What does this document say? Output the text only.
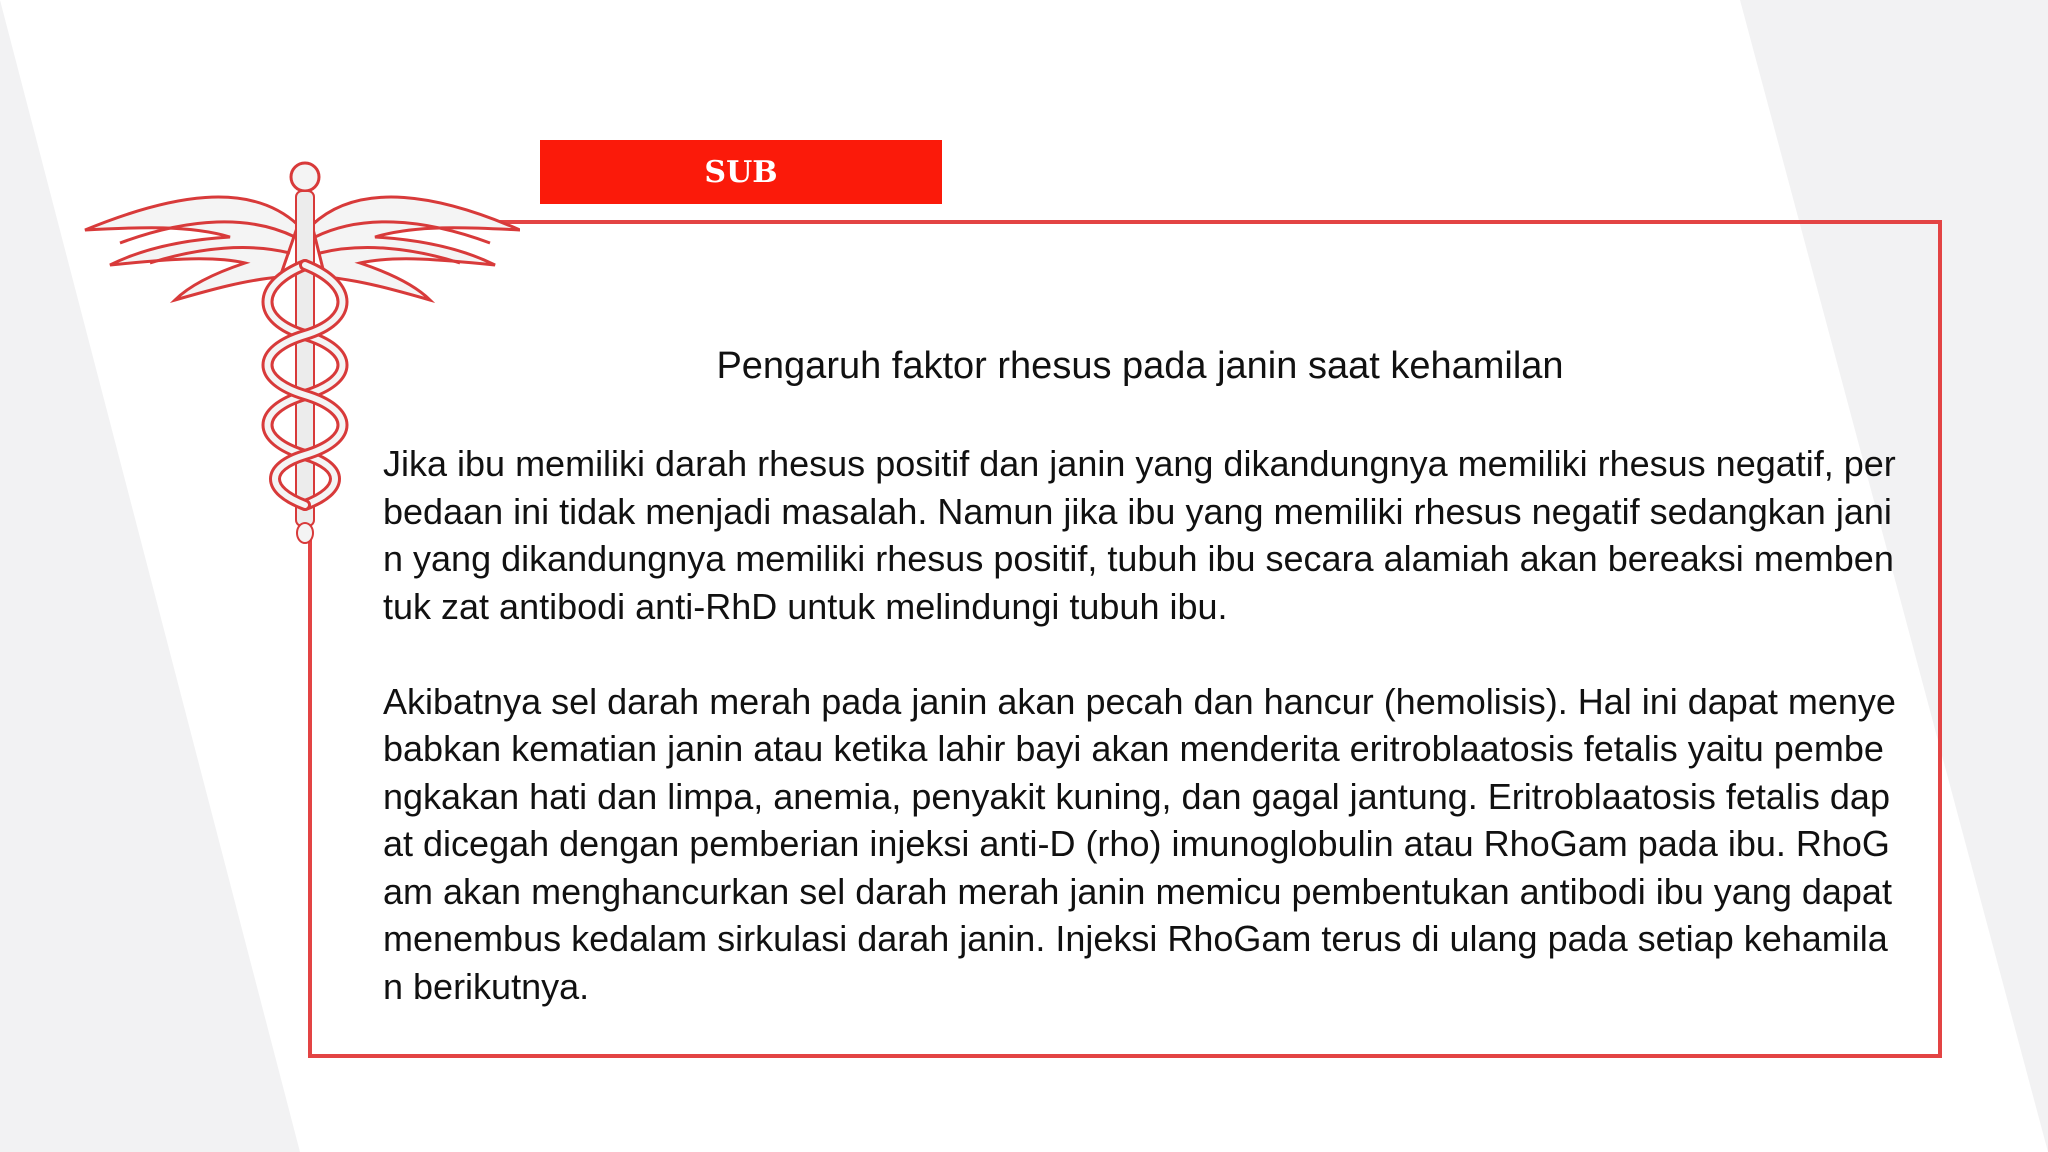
SUB
Pengaruh faktor rhesus pada janin saat kehamilan

Jika ibu memiliki darah rhesus positif dan janin yang dikandungnya memiliki rhesus negatif, perbedaan ini tidak menjadi masalah. Namun jika ibu yang memiliki rhesus negatif sedangkan janin yang dikandungnya memiliki rhesus positif, tubuh ibu secara alamiah akan bereaksi membentuk zat antibodi anti-RhD untuk melindungi tubuh ibu.

Akibatnya sel darah merah pada janin akan pecah dan hancur (hemolisis). Hal ini dapat menyebabkan kematian janin atau ketika lahir bayi akan menderita eritroblaatosis fetalis yaitu pembengkakan hati dan limpa, anemia, penyakit kuning, dan gagal jantung. Eritroblaatosis fetalis dapat dicegah dengan pemberian injeksi anti-D (rho) imunoglobulin atau RhoGam pada ibu. RhoGam akan menghancurkan sel darah merah janin memicu pembentukan antibodi ibu yang dapat menembus kedalam sirkulasi darah janin. Injeksi RhoGam terus di ulang pada setiap kehamilan berikutnya.
